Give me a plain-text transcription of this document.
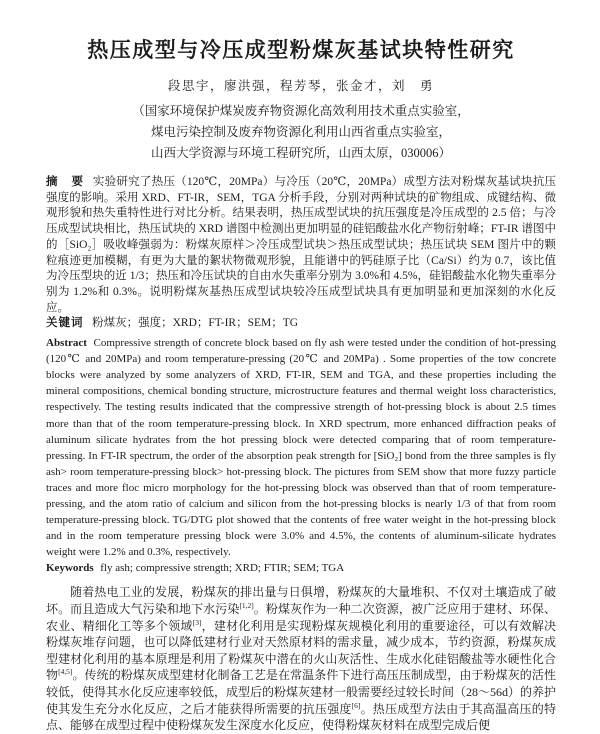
热压成型与冷压成型粉煤灰基试块特性研究

段思宇，廖洪强，程芳琴，张金才，刘　勇

（国家环境保护煤炭废弃物资源化高效利用技术重点实验室，

煤电污染控制及废弃物资源化利用山西省重点实验室，

山西大学资源与环境工程研究所，山西太原，030006）

摘　要 实验研究了热压（120℃，20MPa）与冷压（20℃，20MPa）成型方法对粉煤灰基试块抗压强度的影响。采用 XRD、FT-IR，SEM，TGA 分析手段，分别对两种试块的矿物组成、成键结构、微观形貌和热失重特性进行对比分析。结果表明，热压成型试块的抗压强度是冷压成型的 2.5 倍；与冷压成型试块相比，热压试块的 XRD 谱图中检测出更加明显的硅铝酸盐水化产物衍射峰；FT-IR 谱图中的［SiO₂］吸收峰强弱为：粉煤灰原样＞冷压成型试块＞热压成型试块；热压试块 SEM 图片中的颗粒痕迹更加模糊，有更为大量的絮状物微观形貌，且能谱中的钙硅原子比（Ca/Si）约为 0.7，该比值为冷压型块的近 1/3；热压和冷压试块的自由水失重率分别为 3.0%和 4.5%，硅铝酸盐水化物失重率分别为 1.2%和 0.3%。说明粉煤灰基热压成型试块较冷压成型试块具有更加明显和更加深刻的水化反应。

关键词 粉煤灰；强度；XRD；FT-IR；SEM；TG

Abstract Compressive strength of concrete block based on fly ash were tested under the condition of hot-pressing (120℃ and 20MPa) and room temperature-pressing (20℃ and 20MPa) . Some properties of the tow concrete blocks were analyzed by some analyzers of XRD, FT-IR, SEM and TGA, and these properties including the mineral compositions, chemical bonding structure, microstructure features and thermal weight loss characteristics, respectively. The testing results indicated that the compressive strength of hot-pressing block is about 2.5 times more than that of the room temperature-pressing block. In XRD spectrum, more enhanced diffraction peaks of aluminum silicate hydrates from the hot pressing block were detected comparing that of room temperature-pressing. In FT-IR spectrum, the order of the absorption peak strength for [SiO₂] bond from the three samples is fly ash> room temperature-pressing block> hot-pressing block. The pictures from SEM show that more fuzzy particle traces and more floc micro morphology for the hot-pressing block was observed than that of room temperature-pressing, and the atom ratio of calcium and silicon from the hot-pressing blocks is nearly 1/3 of that from room temperature-pressing block. TG/DTG plot showed that the contents of free water weight in the hot-pressing block and in the room temperature pressing block were 3.0% and 4.5%, the contents of aluminum-silicate hydrates weight were 1.2% and 0.3%, respectively.

Keywords fly ash; compressive strength; XRD; FTIR; SEM; TGA

随着热电工业的发展，粉煤灰的排出量与日俱增，粉煤灰的大量堆积、不仅对土壤造成了破坏。而且造成大气污染和地下水污染[1,2]。粉煤灰作为一种二次资源，被广泛应用于建材、环保、农业、精细化工等多个领域[3]，建材化利用是实现粉煤灰规模化利用的重要途径，可以有效解决粉煤灰堆存问题，也可以降低建材行业对天然原材料的需求量，减少成本，节约资源，粉煤灰成型建材化利用的基本原理是利用了粉煤灰中潜在的火山灰活性、生成水化硅铝酸盐等水硬性化合物[4,5]。传统的粉煤灰成型建材化制备工艺是在常温条件下进行高压压制成型，由于粉煤灰的活性较低，使得其水化反应速率较低，成型后的粉煤灰建材一般需要经过较长时间（28～56d）的养护使其发生充分水化反应，之后才能获得所需要的抗压强度[6]。热压成型方法由于其高温高压的特点、能够在成型过程中使粉煤灰发生深度水化反应，使得粉煤灰材料在成型完成后便
